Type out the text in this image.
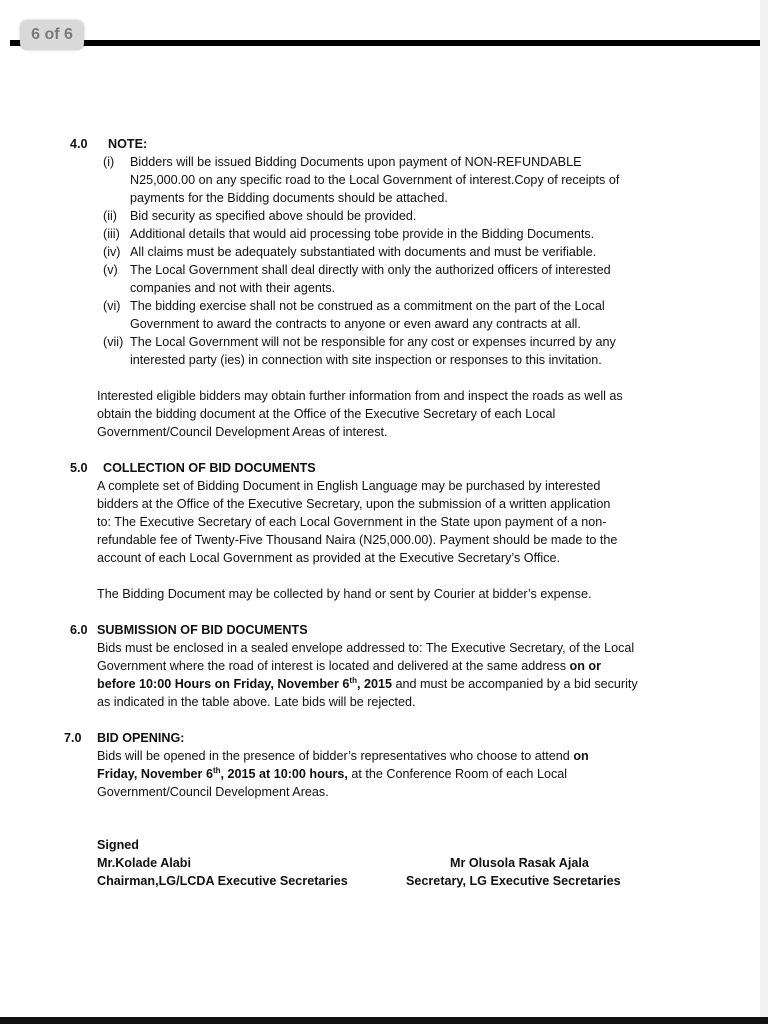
6 of 6
4.0 NOTE:
(i) Bidders will be issued Bidding Documents upon payment of NON-REFUNDABLE
N25,000.00 on any specific road to the Local Government of interest.Copy of receipts of
payments for the Bidding documents should be attached.
(ii) Bid security as specified above should be provided.
(iii) Additional details that would aid processing tobe provide in the Bidding Documents.
(iv) All claims must be adequately substantiated with documents and must be verifiable.
(v) The Local Government shall deal directly with only the authorized officers of interested
companies and not with their agents.
(vi) The bidding exercise shall not be construed as a commitment on the part of the Local
Government to award the contracts to anyone or even award any contracts at all.
(vii) The Local Government will not be responsible for any cost or expenses incurred by any
interested party (ies) in connection with site inspection or responses to this invitation.
Interested eligible bidders may obtain further information from and inspect the roads as well as
obtain the bidding document at the Office of the Executive Secretary of each Local
Government/Council Development Areas of interest.
5.0 COLLECTION OF BID DOCUMENTS
A complete set of Bidding Document in English Language may be purchased by interested
bidders at the Office of the Executive Secretary, upon the submission of a written application
to: The Executive Secretary of each Local Government in the State upon payment of a non-
refundable fee of Twenty-Five Thousand Naira (N25,000.00). Payment should be made to the
account of each Local Government as provided at the Executive Secretary’s Office.
The Bidding Document may be collected by hand or sent by Courier at bidder’s expense.
6.0 SUBMISSION OF BID DOCUMENTS
Bids must be enclosed in a sealed envelope addressed to: The Executive Secretary, of the Local
Government where the road of interest is located and delivered at the same address on or
before 10:00 Hours on Friday, November 6th, 2015 and must be accompanied by a bid security
as indicated in the table above. Late bids will be rejected.
7.0 BID OPENING:
Bids will be opened in the presence of bidder’s representatives who choose to attend on
Friday, November 6th, 2015 at 10:00 hours, at the Conference Room of each Local
Government/Council Development Areas.
Signed
Mr.Kolade Alabi
Chairman,LG/LCDA Executive Secretaries
Mr Olusola Rasak Ajala
Secretary, LG Executive Secretaries
